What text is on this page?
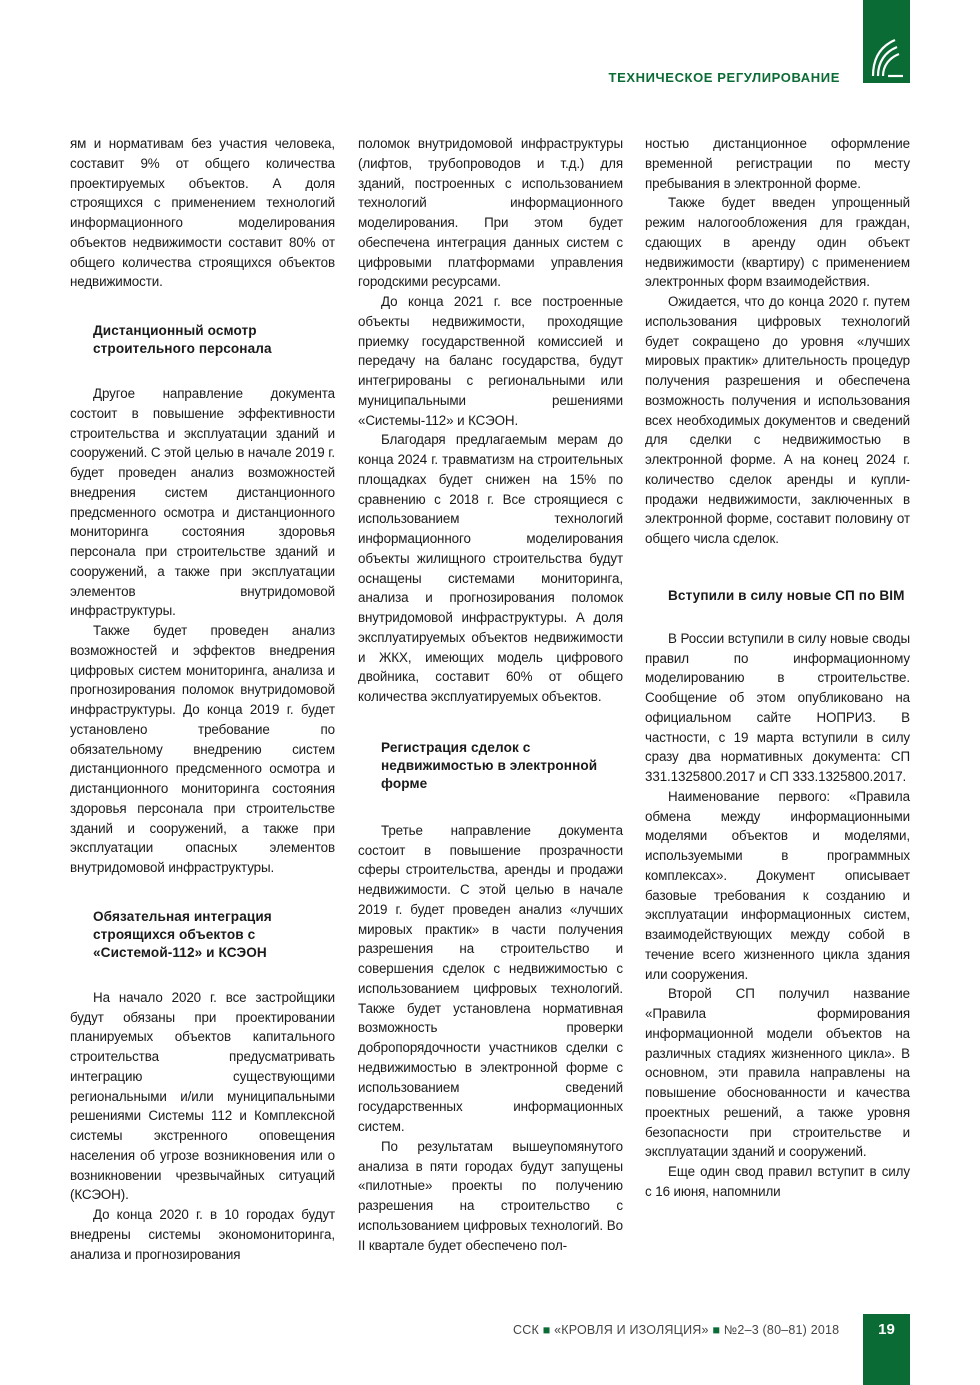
ТЕХНИЧЕСКОЕ РЕГУЛИРОВАНИЕ

ям и нормативам без участия человека, составит 9% от общего количества проектируемых объектов. А доля строящихся с применением технологий информационного моделирования объектов недвижимости составит 80% от общего количества строящихся объектов недвижимости.

Дистанционный осмотр строительного персонала

Другое направление документа состоит в повышение эффективности строительства и эксплуатации зданий и сооружений. С этой целью в начале 2019 г. будет проведен анализ возможностей внедрения систем дистанционного предсменного осмотра и дистанционного мониторинга состояния здоровья персонала при строительстве зданий и сооружений, а также при эксплуатации элементов внутридомовой инфраструктуры.

Также будет проведен анализ возможностей и эффектов внедрения цифровых систем мониторинга, анализа и прогнозирования поломок внутридомовой инфраструктуры. До конца 2019 г. будет установлено требование по обязательному внедрению систем дистанционного предсменного осмотра и дистанционного мониторинга состояния здоровья персонала при строительстве зданий и сооружений, а также при эксплуатации опасных элементов внутридомовой инфраструктуры.

Обязательная интеграция строящихся объектов с «Системой-112» и КСЭОН

На начало 2020 г. все застройщики будут обязаны при проектировании планируемых объектов капитального строительства предусматривать интеграцию существующими региональными и/или муниципальными решениями Системы 112 и Комплексной системы экстренного оповещения населения об угрозе возникновения или о возникновении чрезвычайных ситуаций (КСЭОН).

До конца 2020 г. в 10 городах будут внедрены системы экономониторинга, анализа и прогнозирования

поломок внутридомовой инфраструктуры (лифтов, трубопроводов и т.д.) для зданий, построенных с использованием технологий информационного моделирования. При этом будет обеспечена интеграция данных систем с цифровыми платформами управления городскими ресурсами.

До конца 2021 г. все построенные объекты недвижимости, проходящие приемку государственной комиссией и передачу на баланс государства, будут интегрированы с региональными или муниципальными решениями «Системы-112» и КСЭОН.

Благодаря предлагаемым мерам до конца 2024 г. травматизм на строительных площадках будет снижен на 15% по сравнению с 2018 г. Все строящиеся с использованием технологий информационного моделирования объекты жилищного строительства будут оснащены системами мониторинга, анализа и прогнозирования поломок внутридомовой инфраструктуры. А доля эксплуатируемых объектов недвижимости и ЖКХ, имеющих модель цифрового двойника, составит 60% от общего количества эксплуатируемых объектов.

Регистрация сделок с недвижимостью в электронной форме

Третье направление документа состоит в повышение прозрачности сферы строительства, аренды и продажи недвижимости. С этой целью в начале 2019 г. будет проведен анализ «лучших мировых практик» в части получения разрешения на строительство и совершения сделок с недвижимостью с использованием цифровых технологий. Также будет установлена нормативная возможность проверки добропорядочности участников сделки с недвижимостью в электронной форме с использованием сведений государственных информационных систем.

По результатам вышеупомянутого анализа в пяти городах будут запущены «пилотные» проекты по получению разрешения на строительство с использованием цифровых технологий. Во II квартале будет обеспечено пол-

ностью дистанционное оформление временной регистрации по месту пребывания в электронной форме.

Также будет введен упрощенный режим налогообложения для граждан, сдающих в аренду один объект недвижимости (квартиру) с применением электронных форм взаимодействия.

Ожидается, что до конца 2020 г. путем использования цифровых технологий будет сокращено до уровня «лучших мировых практик» длительность процедур получения разрешения и обеспечена возможность получения и использования всех необходимых документов и сведений для сделки с недвижимостью в электронной форме. А на конец 2024 г. количество сделок аренды и купли-продажи недвижимости, заключенных в электронной форме, составит половину от общего числа сделок.

Вступили в силу новые СП по BIM

В России вступили в силу новые своды правил по информационному моделированию в строительстве. Сообщение об этом опубликовано на официальном сайте НОПРИЗ. В частности, с 19 марта вступили в силу сразу два нормативных документа: СП 331.1325800.2017 и СП 333.1325800.2017.

Наименование первого: «Правила обмена между информационными моделями объектов и моделями, используемыми в программных комплексах». Документ описывает базовые требования к созданию и эксплуатации информационных систем, взаимодействующих между собой в течение всего жизненного цикла здания или сооружения.

Второй СП получил название «Правила формирования информационной модели объектов на различных стадиях жизненного цикла». В основном, эти правила направлены на повышение обоснованности и качества проектных решений, а также уровня безопасности при строительстве и эксплуатации зданий и сооружений.

Еще один свод правил вступит в силу с 16 июня, напомнили

ССК ■ «КРОВЛЯ И ИЗОЛЯЦИЯ» ■ №2–3 (80–81) 2018	19
